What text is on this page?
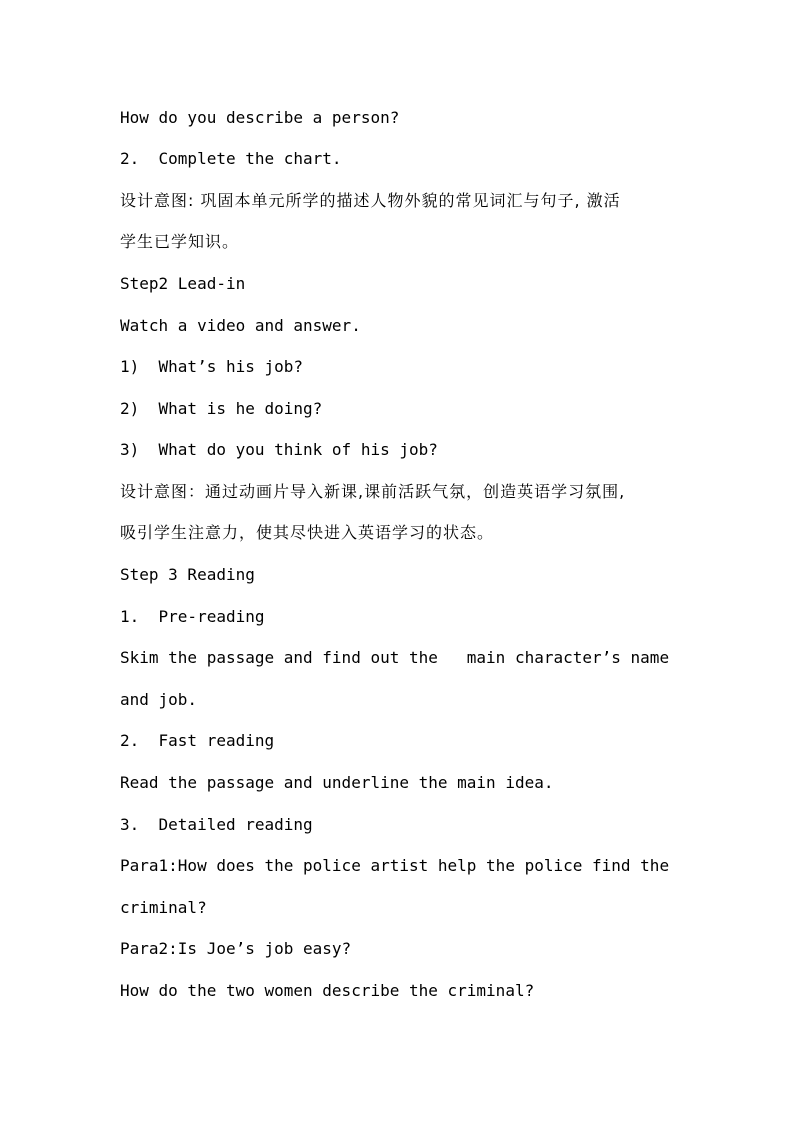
How do you describe a person?
2.  Complete the chart.
设计意图: 巩固本单元所学的描述人物外貌的常见词汇与句子, 激活
学生已学知识。
Step2 Lead-in
Watch a video and answer.
1)  What’s his job?
2)  What is he doing?
3)  What do you think of his job?
设计意图：通过动画片导入新课,课前活跃气氛，创造英语学习氛围,
吸引学生注意力，使其尽快进入英语学习的状态。
Step 3 Reading
1.  Pre-reading
Skim the passage and find out the   main character’s name
and job.
2.  Fast reading
Read the passage and underline the main idea.
3.  Detailed reading
Para1:How does the police artist help the police find the
criminal?
Para2:Is Joe’s job easy?
How do the two women describe the criminal?
